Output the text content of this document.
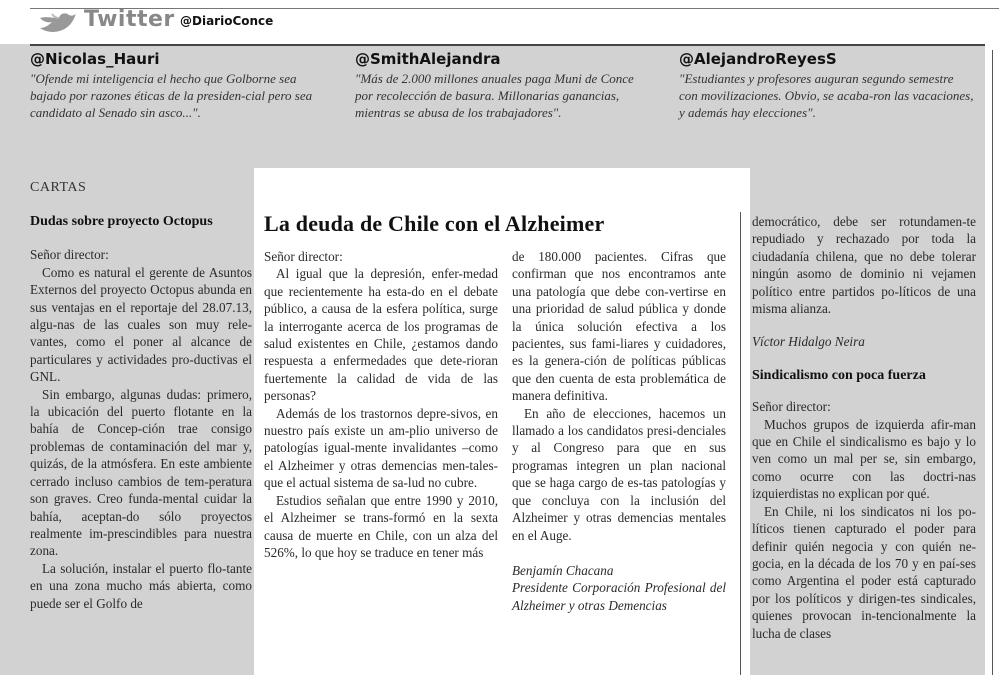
Twitter @DiarioConce
@Nicolas_Hauri
"Ofende mi inteligencia el hecho que Golborne sea bajado por razones éticas de la presiden-cial pero sea candidato al Senado sin asco...".
@SmithAlejandra
"Más de 2.000 millones anuales paga Muni de Conce por recolección de basura. Millonarias ganancias, mientras se abusa de los trabajadores".
@AlejandroReyesS
"Estudiantes y profesores auguran segundo semestre con movilizaciones. Obvio, se acaba-ron las vacaciones, y además hay elecciones".
CARTAS
Dudas sobre proyecto Octopus

Señor director:

Como es natural el gerente de Asuntos Externos del proyecto Octopus abunda en sus ventajas en el reportaje del 28.07.13, algu-nas de las cuales son muy rele-vantes, como el poner al alcance de particulares y actividades pro-ductivas el GNL.

Sin embargo, algunas dudas: primero, la ubicación del puerto flotante en la bahía de Concep-ción trae consigo problemas de contaminación del mar y, quizás, de la atmósfera. En este ambiente cerrado incluso cambios de tem-peratura son graves. Creo funda-mental cuidar la bahía, aceptan-do sólo proyectos realmente im-prescindibles para nuestra zona.

La solución, instalar el puerto flo-tante en una zona mucho más abierta, como puede ser el Golfo de

La deuda de Chile con el Alzheimer

Señor director:

Al igual que la depresión, enfer-medad que recientemente ha esta-do en el debate público, a causa de la esfera política, surge la interrogante acerca de los programas de salud existentes en Chile, ¿estamos dando respuesta a enfermedades que dete-rioran fuertemente la calidad de vida de las personas?

Además de los trastornos depre-sivos, en nuestro país existe un am-plio universo de patologías igual-mente invalidantes –como el Alzheimer y otras demencias men-tales- que el actual sistema de sa-lud no cubre.

Estudios señalan que entre 1990 y 2010, el Alzheimer se trans-formó en la sexta causa de muerte en Chile, con un alza del 526%, lo que hoy se traduce en tener más

de 180.000 pacientes. Cifras que confirman que nos encontramos ante una patología que debe con-vertirse en una prioridad de salud pública y donde la única solución efectiva a los pacientes, sus fami-liares y cuidadores, es la genera-ción de políticas públicas que den cuenta de esta problemática de manera definitiva.

En año de elecciones, hacemos un llamado a los candidatos presi-denciales y al Congreso para que en sus programas integren un plan nacional que se haga cargo de es-tas patologías y que concluya con la inclusión del Alzheimer y otras demencias mentales en el Auge.

Benjamín Chacana

Presidente Corporación Profesional del Alzheimer y otras Demencias

democrático, debe ser rotundamen-te repudiado y rechazado por toda la ciudadanía chilena, que no debe tolerar ningún asomo de dominio ni vejamen político entre partidos po-líticos de una misma alianza.

Víctor Hidalgo Neira

Sindicalismo con poca fuerza

Señor director:

Muchos grupos de izquierda afir-man que en Chile el sindicalismo es bajo y lo ven como un mal per se, sin embargo, como ocurre con las doctri-nas izquierdistas no explican por qué.

En Chile, ni los sindicatos ni los po-líticos tienen capturado el poder para definir quién negocia y con quién ne-gocia, en la década de los 70 y en paí-ses como Argentina el poder está capturado por los políticos y dirigen-tes sindicales, quienes provocan in-tencionalmente la lucha de clases
